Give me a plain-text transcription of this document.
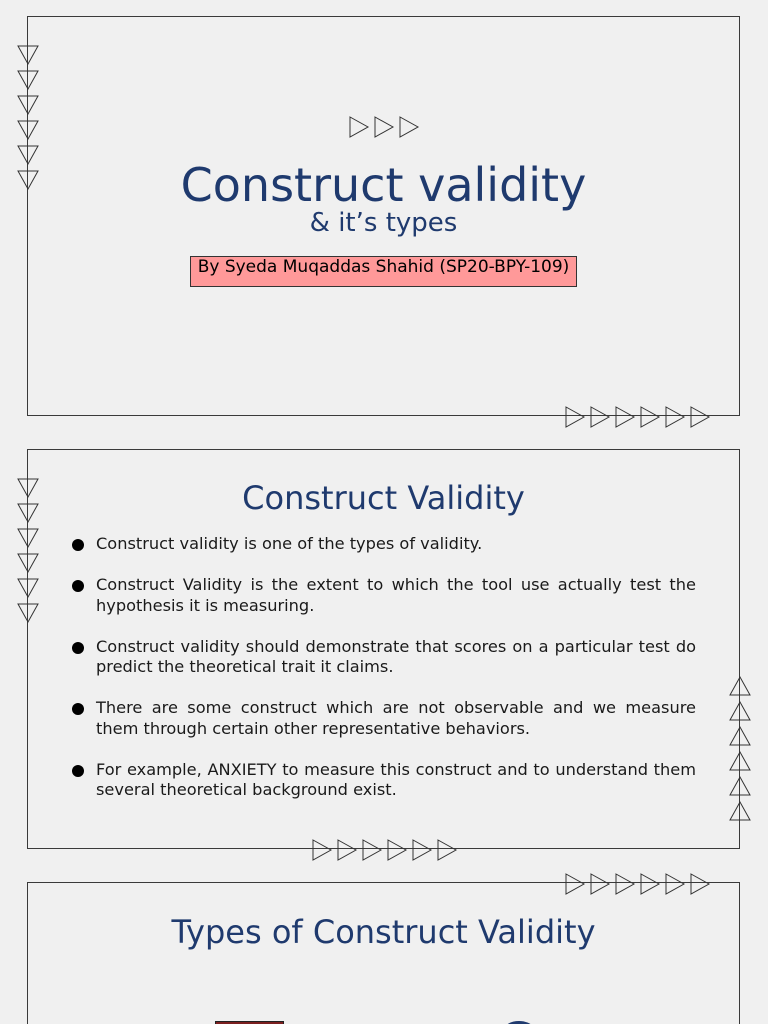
Construct validity
& it’s types
By Syeda Muqaddas Shahid (SP20-BPY-109)
Construct Validity
Construct validity is one of the types of validity.
Construct Validity is the extent to which the tool use actually test the hypothesis it is measuring.
Construct validity should demonstrate that scores on a particular test do predict the theoretical trait it claims.
There are some construct which are not observable and we measure them through certain other representative behaviors.
For example, ANXIETY to measure this construct and to understand them several theoretical background exist.
Types of Construct Validity
